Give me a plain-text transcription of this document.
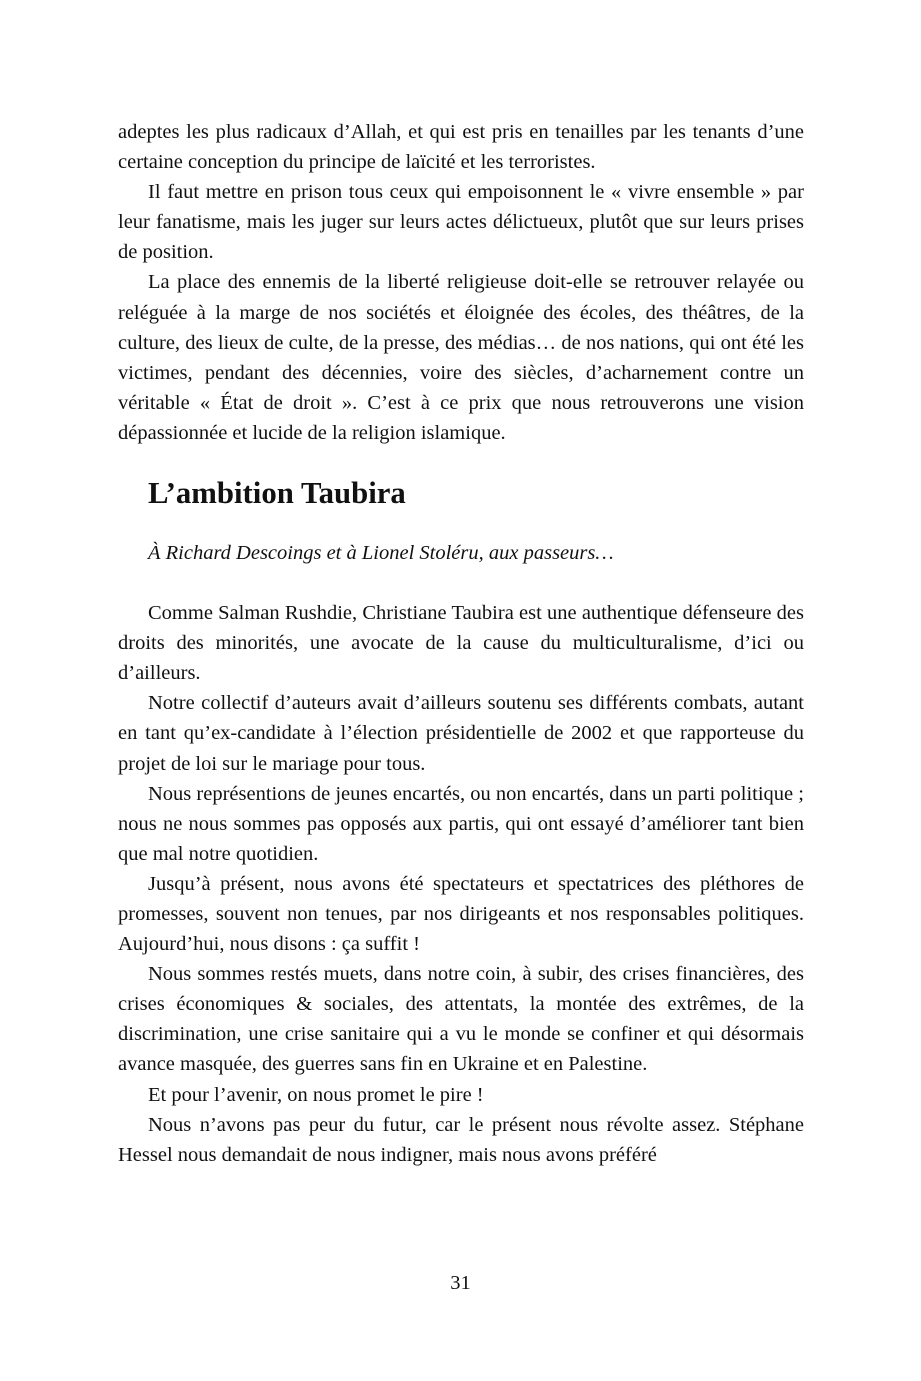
adeptes les plus radicaux d’Allah, et qui est pris en tenailles par les tenants d’une certaine conception du principe de laïcité et les terroristes.

Il faut mettre en prison tous ceux qui empoisonnent le « vivre ensemble » par leur fanatisme, mais les juger sur leurs actes délictueux, plutôt que sur leurs prises de position.

La place des ennemis de la liberté religieuse doit-elle se retrouver relayée ou reléguée à la marge de nos sociétés et éloignée des écoles, des théâtres, de la culture, des lieux de culte, de la presse, des médias… de nos nations, qui ont été les victimes, pendant des décennies, voire des siècles, d’acharnement contre un véritable « État de droit ». C’est à ce prix que nous retrouverons une vision dépassionnée et lucide de la religion islamique.

L’ambition Taubira

À Richard Descoings et à Lionel Stoléru, aux passeurs…

Comme Salman Rushdie, Christiane Taubira est une authentique défenseure des droits des minorités, une avocate de la cause du multiculturalisme, d’ici ou d’ailleurs.

Notre collectif d’auteurs avait d’ailleurs soutenu ses différents combats, autant en tant qu’ex-candidate à l’élection présidentielle de 2002 et que rapporteuse du projet de loi sur le mariage pour tous.

Nous représentions de jeunes encartés, ou non encartés, dans un parti politique ; nous ne nous sommes pas opposés aux partis, qui ont essayé d’améliorer tant bien que mal notre quotidien.

Jusqu’à présent, nous avons été spectateurs et spectatrices des pléthores de promesses, souvent non tenues, par nos dirigeants et nos responsables politiques. Aujourd’hui, nous disons : ça suffit !

Nous sommes restés muets, dans notre coin, à subir, des crises financières, des crises économiques & sociales, des attentats, la montée des extrêmes, de la discrimination, une crise sanitaire qui a vu le monde se confiner et qui désormais avance masquée, des guerres sans fin en Ukraine et en Palestine.

Et pour l’avenir, on nous promet le pire !

Nous n’avons pas peur du futur, car le présent nous révolte assez. Stéphane Hessel nous demandait de nous indigner, mais nous avons préféré

31
